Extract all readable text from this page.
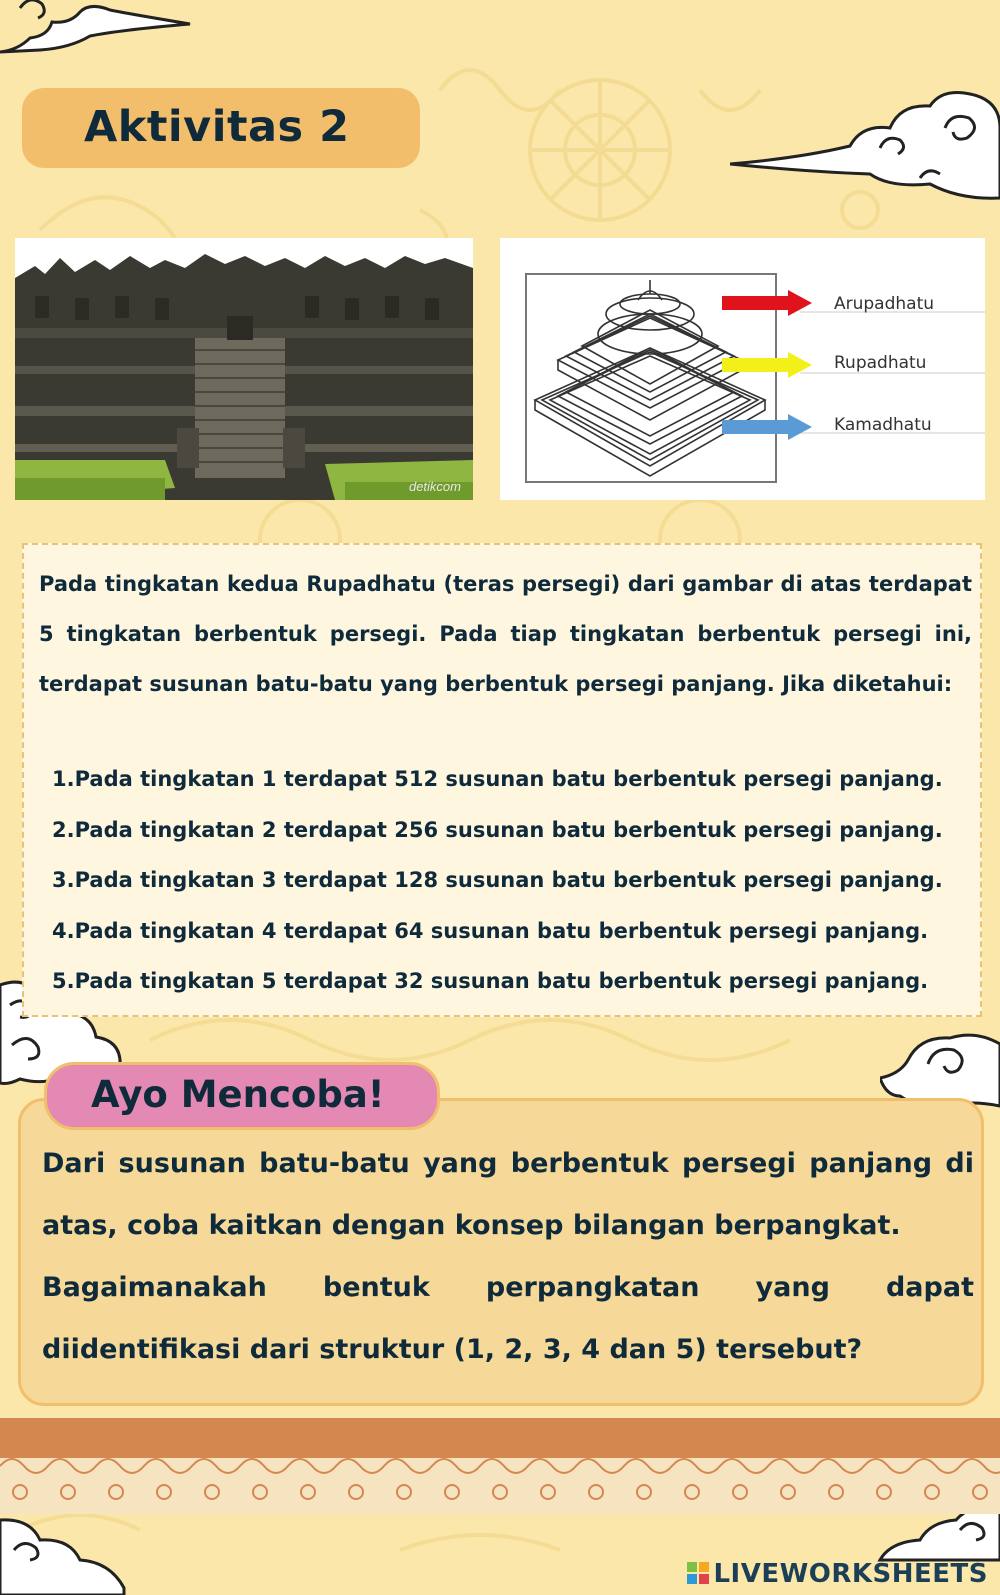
Aktivitas 2
detikcom
Arupadhatu
Rupadhatu
Kamadhatu
Pada tingkatan kedua Rupadhatu (teras persegi) dari gambar di atas terdapat 5 tingkatan berbentuk persegi. Pada tiap tingkatan berbentuk persegi ini, terdapat susunan batu-batu yang berbentuk persegi panjang. Jika diketahui:
1.Pada tingkatan 1 terdapat 512 susunan batu berbentuk persegi panjang.
2.Pada tingkatan 2 terdapat 256 susunan batu berbentuk persegi panjang.
3.Pada tingkatan 3 terdapat 128 susunan batu berbentuk persegi panjang.
4.Pada tingkatan 4 terdapat 64 susunan batu berbentuk persegi panjang.
5.Pada tingkatan 5 terdapat 32 susunan batu berbentuk persegi panjang.
Ayo Mencoba!

Dari susunan batu-batu yang berbentuk persegi panjang di atas, coba kaitkan dengan konsep bilangan berpangkat.

Bagaimanakah bentuk perpangkatan yang dapat diidentifikasi dari struktur (1, 2, 3, 4 dan 5) tersebut?

LIVEWORKSHEETS
